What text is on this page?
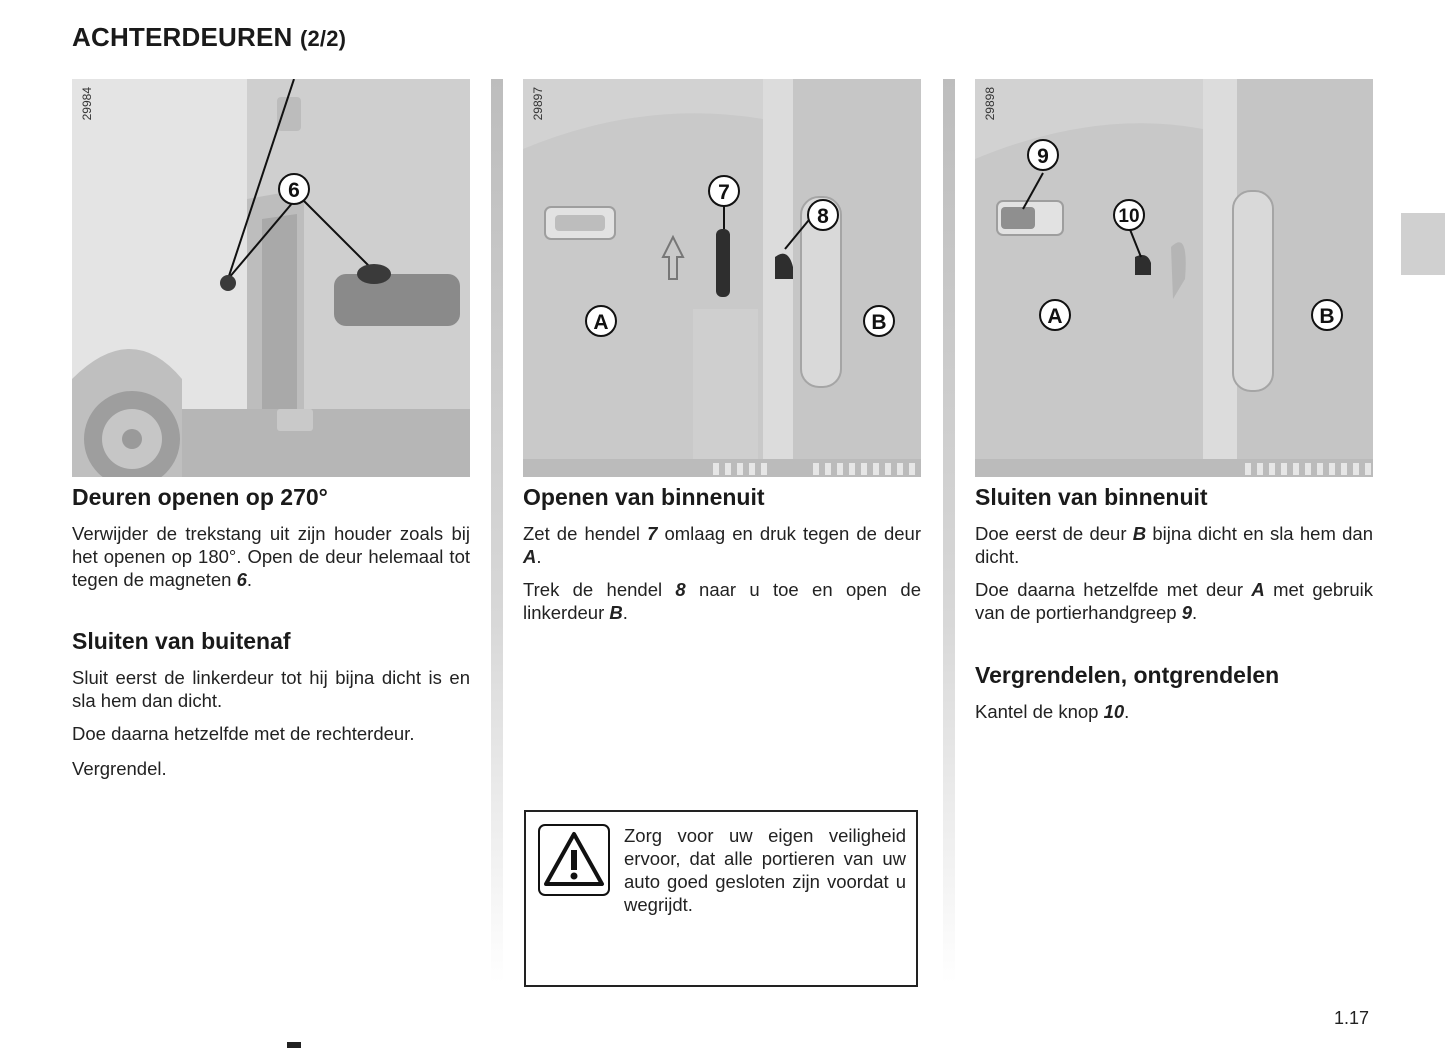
ACHTERDEUREN (2/2)
6
29984
Deuren openen op 270°

Verwijder de trekstang uit zijn houder zoals bij het openen op 180°. Open de deur helemaal tot tegen de magneten 6.

Sluiten van buitenaf

Sluit eerst de linkerdeur tot hij bijna dicht is en sla hem dan dicht.

Doe daarna hetzelfde met de rechterdeur.

Vergrendel.

7
8
A	B
29897
Openen van binnenuit

Zet de hendel 7 omlaag en druk tegen de deur A.

Trek de hendel 8 naar u toe en open de linkerdeur B.

9
10
A	B
29898
Sluiten van binnenuit

Doe eerst de deur B bijna dicht en sla hem dan dicht.

Doe daarna hetzelfde met deur A met gebruik van de portierhandgreep 9.

Vergrendelen, ontgrendelen

Kantel de knop 10.

Zorg voor uw eigen veiligheid ervoor, dat alle portieren van uw auto goed gesloten zijn voordat u wegrijdt.

1.17
